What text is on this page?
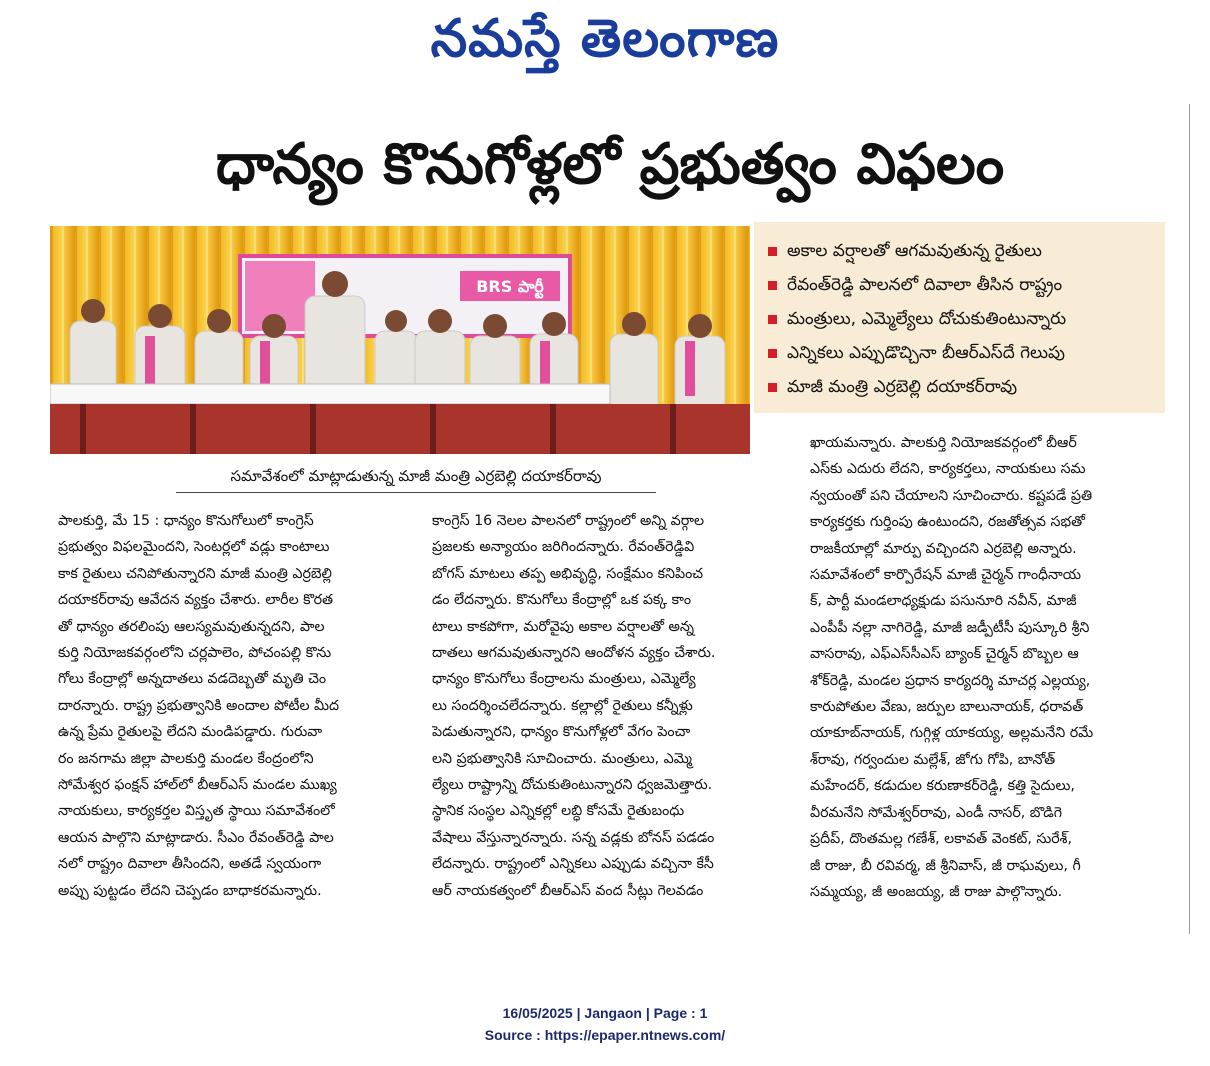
నమస్తే తెలంగాణ
ధాన్యం కొనుగోళ్లలో ప్రభుత్వం విఫలం
BRS పార్టీ
అకాల వర్షాలతో ఆగమవుతున్న రైతులు
రేవంత్‌రెడ్డి పాలనలో దివాలా తీసిన రాష్ట్రం
మంత్రులు, ఎమ్మెల్యేలు దోచుకుతింటున్నారు
ఎన్నికలు ఎప్పుడొచ్చినా బీఆర్‌ఎస్‌దే గెలుపు
మాజీ మంత్రి ఎర్రబెల్లి దయాకర్‌రావు
సమావేశంలో మాట్లాడుతున్న మాజీ మంత్రి ఎర్రబెల్లి దయాకర్‌రావు

పాలకుర్తి, మే 15 : ధాన్యం కొనుగోలులో కాంగ్రెస్

ప్రభుత్వం విఫలమైందని, సెంటర్లలో వడ్లు కాంటాలు

కాక రైతులు చనిపోతున్నారని మాజీ మంత్రి ఎర్రబెల్లి

దయాకర్‌రావు ఆవేదన వ్యక్తం చేశారు. లారీల కొరత

తో ధాన్యం తరలింపు ఆలస్యమవుతున్నదని, పాల

కుర్తి నియోజకవర్గంలోని చర్లపాలెం, పోచంపల్లి కొను

గోలు కేంద్రాల్లో అన్నదాతలు వడదెబ్బతో మృతి చెం

దారన్నారు. రాష్ట్ర ప్రభుత్వానికి అందాల పోటీల మీద

ఉన్న ప్రేమ రైతులపై లేదని మండిపడ్డారు. గురువా

రం జనగామ జిల్లా పాలకుర్తి మండల కేంద్రంలోని

సోమేశ్వర ఫంక్షన్ హాల్‌లో బీఆర్‌ఎస్ మండల ముఖ్య

నాయకులు, కార్యకర్తల విస్తృత స్థాయి సమావేశంలో

ఆయన పాల్గొని మాట్లాడారు. సీఎం రేవంత్‌రెడ్డి పాల

నలో రాష్ట్రం దివాలా తీసిందని, అతడే స్వయంగా

అప్పు పుట్టడం లేదని చెప్పడం బాధాకరమన్నారు.

కాంగ్రెస్ 16 నెలల పాలనలో రాష్ట్రంలో అన్ని వర్గాల

ప్రజలకు అన్యాయం జరిగిందన్నారు. రేవంత్‌రెడ్డివి

బోగస్ మాటలు తప్ప అభివృద్ధి, సంక్షేమం కనిపించ

డం లేదన్నారు. కొనుగోలు కేంద్రాల్లో ఒక పక్క కాం

టాలు కాకపోగా, మరోవైపు అకాల వర్షాలతో అన్న

దాతలు ఆగమవుతున్నారని ఆందోళన వ్యక్తం చేశారు.

ధాన్యం కొనుగోలు కేంద్రాలను మంత్రులు, ఎమ్మెల్యే

లు సందర్శించలేదన్నారు. కల్లాల్లో రైతులు కన్నీళ్లు

పెడుతున్నారని, ధాన్యం కొనుగోళ్లలో వేగం పెంచా

లని ప్రభుత్వానికి సూచించారు. మంత్రులు, ఎమ్మె

ల్యేలు రాష్ట్రాన్ని దోచుకుతింటున్నారని ధ్వజమెత్తారు.

స్థానిక సంస్థల ఎన్నికల్లో లబ్ధి కోసమే రైతుబంధు

వేషాలు వేస్తున్నారన్నారు. సన్న వడ్లకు బోనస్ పడడం

లేదన్నారు. రాష్ట్రంలో ఎన్నికలు ఎప్పుడు వచ్చినా కేసీ

ఆర్ నాయకత్వంలో బీఆర్‌ఎస్ వంద సీట్లు గెలవడం

ఖాయమన్నారు. పాలకుర్తి నియోజకవర్గంలో బీఆర్

ఎస్‌కు ఎదురు లేదని, కార్యకర్తలు, నాయకులు సమ

న్వయంతో పని చేయాలని సూచించారు. కష్టపడే ప్రతి

కార్యకర్తకు గుర్తింపు ఉంటుందని, రజతోత్సవ సభతో

రాజకీయాల్లో మార్పు వచ్చిందని ఎర్రబెల్లి అన్నారు.

సమావేశంలో కార్పొరేషన్ మాజీ చైర్మన్ గాంధీనాయ

క్, పార్టీ మండలాధ్యక్షుడు పసునూరి నవీన్, మాజీ

ఎంపీపీ నల్లా నాగిరెడ్డి, మాజీ జడ్పీటీసీ పుస్కూరి శ్రీని

వాసరావు, ఎఫ్‌ఎస్‌సీఎస్ బ్యాంక్ చైర్మన్ బొబ్బల ఆ

శోక్‌రెడ్డి, మండల ప్రధాన కార్యదర్శి మాచర్ల ఎల్లయ్య,

కారుపోతుల వేణు, జర్పుల బాలునాయక్, ధరావత్

యాకూబ్‌నాయక్, గుగ్గిళ్ల యాకయ్య, అల్లమనేని రమే

శ్‌రావు, గర్వందుల మల్లేశ్, జోగు గోపి, బానోత్

మహేందర్, కడుదుల కరుణాకర్‌రెడ్డి, కత్తి సైదులు,

వీరమనేని సోమేశ్వర్‌రావు, ఎండీ నాసర్, బొడిగె

ప్రదీప్, దొంతమల్ల గణేశ్, లకావత్ వెంకట్, సురేశ్,

జీ రాజు, బీ రవివర్మ, జీ శ్రీనివాస్, జీ రాఘవులు, గీ

సమ్మయ్య, జీ అంజయ్య, జీ రాజు పాల్గొన్నారు.

16/05/2025 | Jangaon | Page : 1
Source : https://epaper.ntnews.com/
